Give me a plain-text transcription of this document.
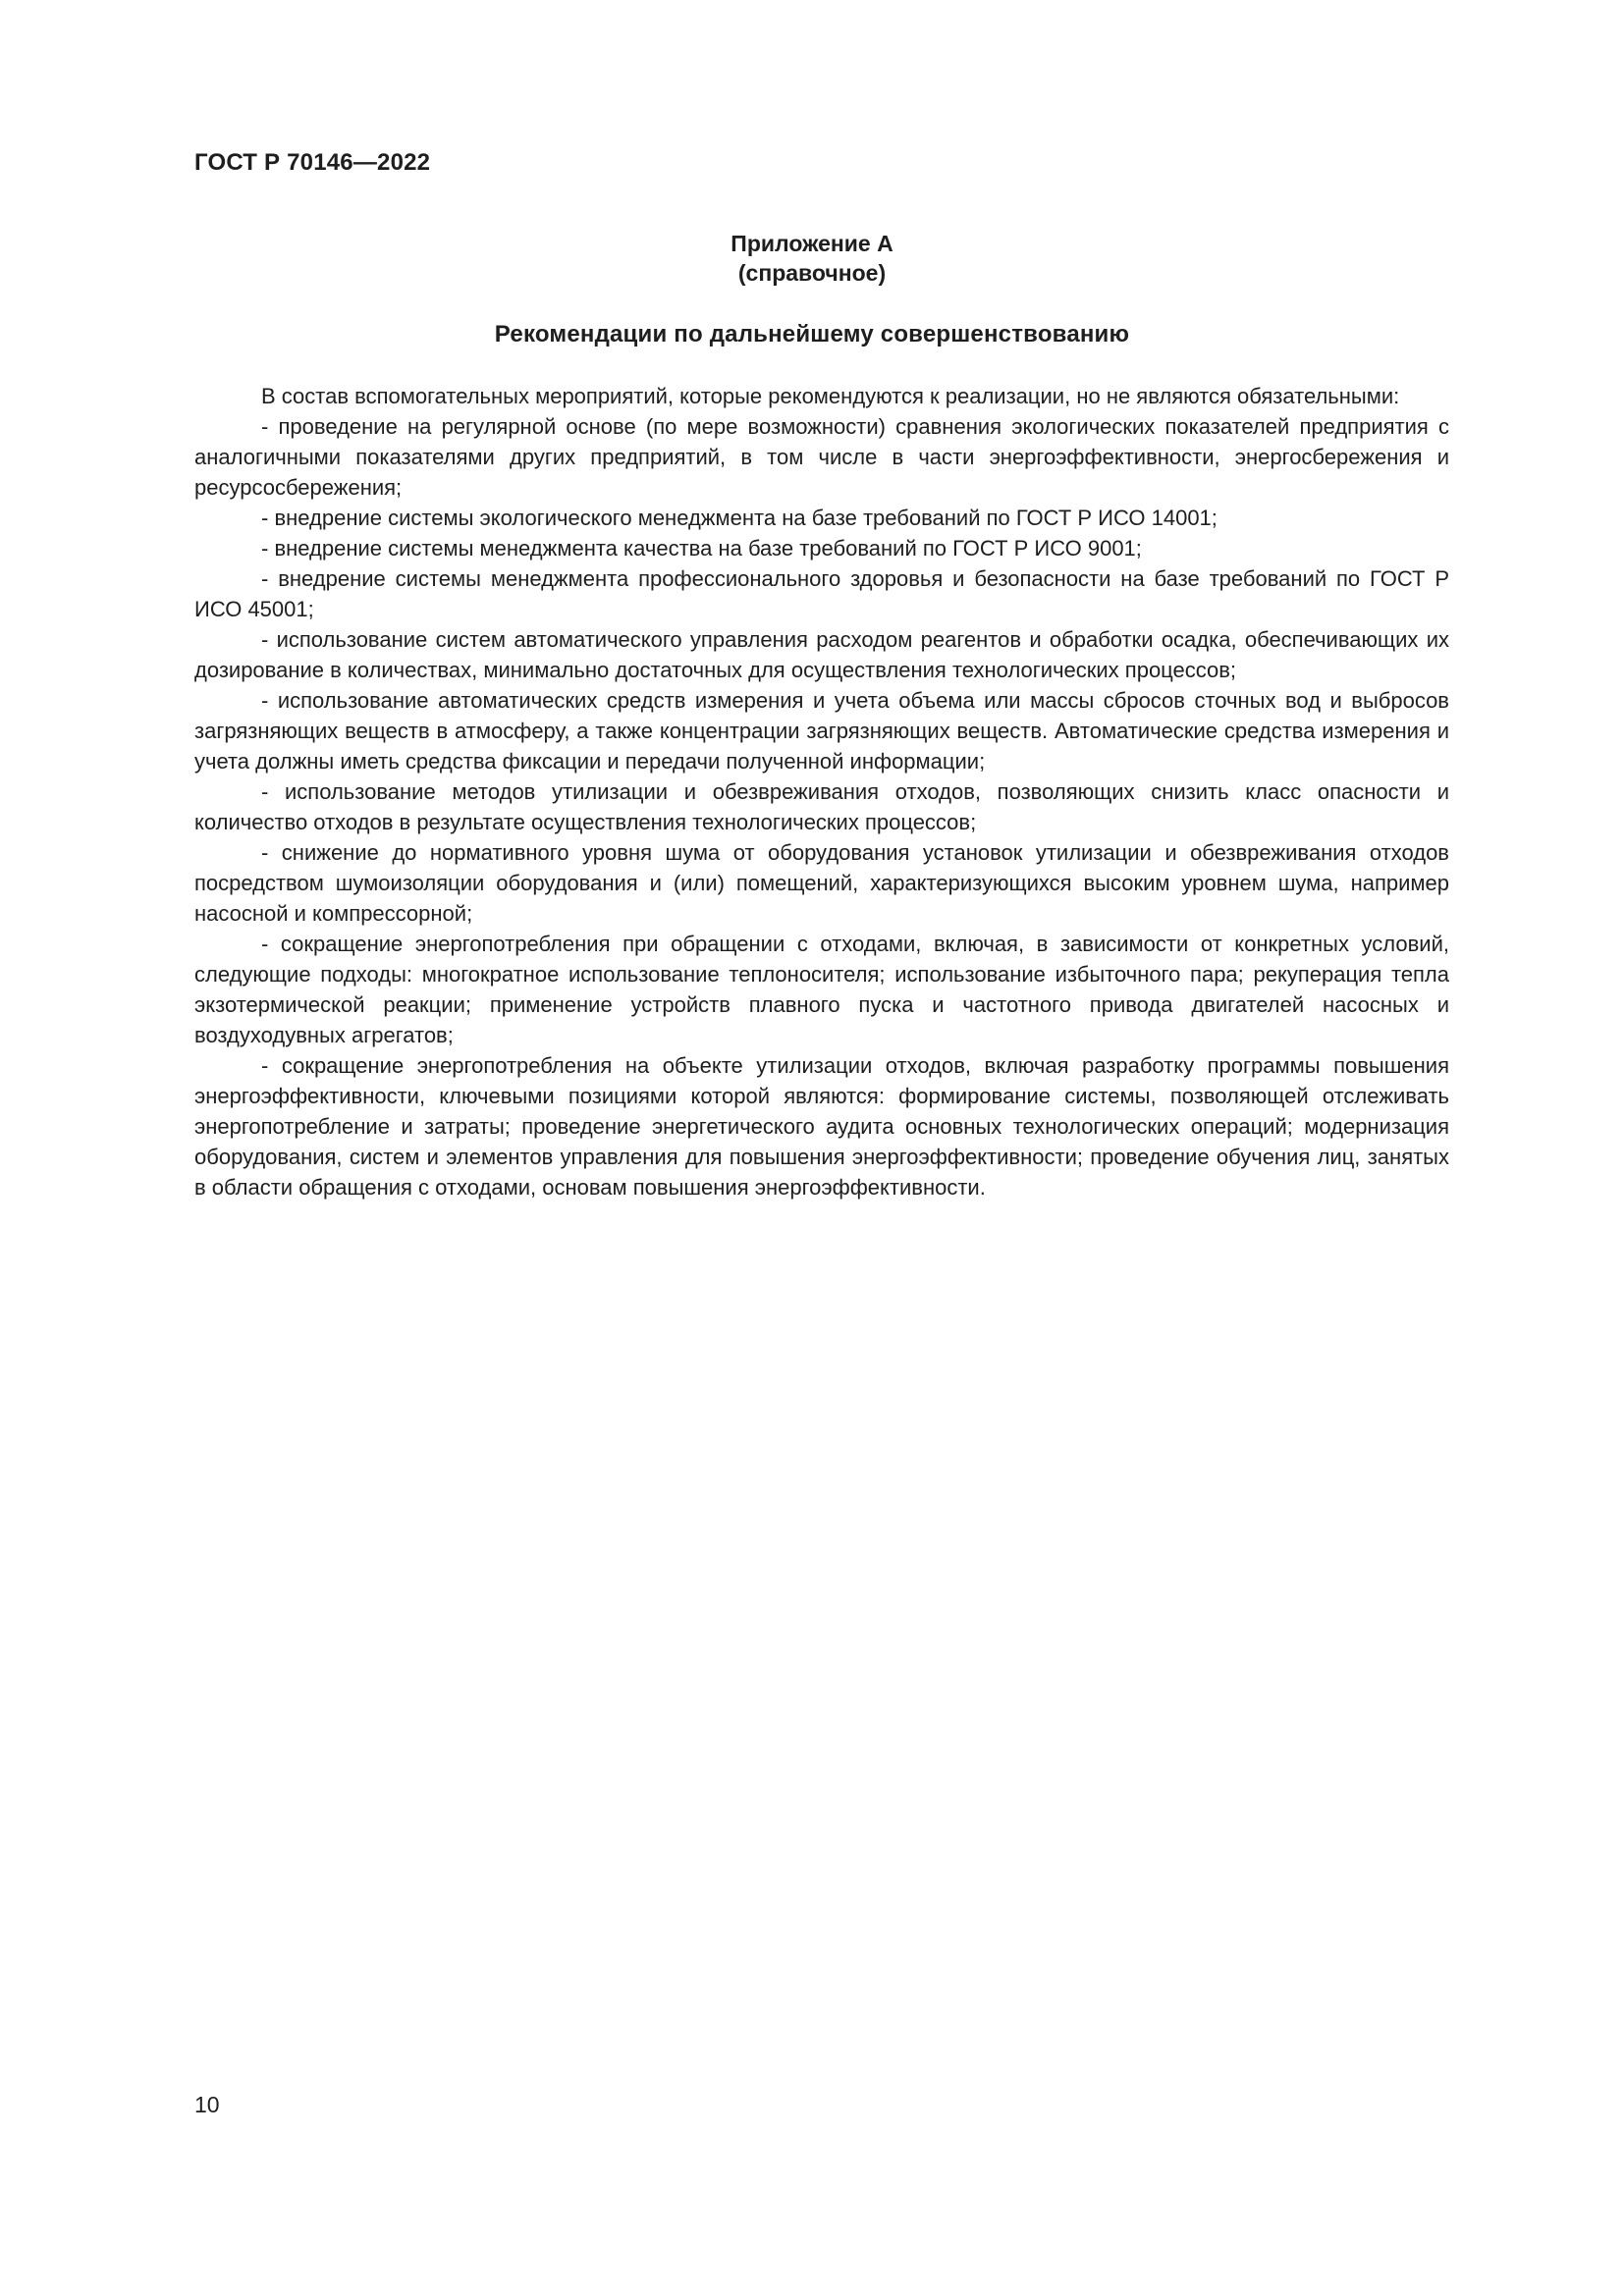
ГОСТ Р 70146—2022
Приложение А
(справочное)
Рекомендации по дальнейшему совершенствованию

В состав вспомогательных мероприятий, которые рекомендуются к реализации, но не являются обязательными:

- проведение на регулярной основе (по мере возможности) сравнения экологических показателей предприятия с аналогичными показателями других предприятий, в том числе в части энергоэффективности, энергосбережения и ресурсосбережения;

- внедрение системы экологического менеджмента на базе требований по ГОСТ Р ИСО 14001;

- внедрение системы менеджмента качества на базе требований по ГОСТ Р ИСО 9001;

- внедрение системы менеджмента профессионального здоровья и безопасности на базе требований по ГОСТ Р ИСО 45001;

- использование систем автоматического управления расходом реагентов и обработки осадка, обеспечивающих их дозирование в количествах, минимально достаточных для осуществления технологических процессов;

- использование автоматических средств измерения и учета объема или массы сбросов сточных вод и выбросов загрязняющих веществ в атмосферу, а также концентрации загрязняющих веществ. Автоматические средства измерения и учета должны иметь средства фиксации и передачи полученной информации;

- использование методов утилизации и обезвреживания отходов, позволяющих снизить класс опасности и количество отходов в результате осуществления технологических процессов;

- снижение до нормативного уровня шума от оборудования установок утилизации и обезвреживания отходов посредством шумоизоляции оборудования и (или) помещений, характеризующихся высоким уровнем шума, например насосной и компрессорной;

- сокращение энергопотребления при обращении с отходами, включая, в зависимости от конкретных условий, следующие подходы: многократное использование теплоносителя; использование избыточного пара; рекуперация тепла экзотермической реакции; применение устройств плавного пуска и частотного привода двигателей насосных и воздуходувных агрегатов;

- сокращение энергопотребления на объекте утилизации отходов, включая разработку программы повышения энергоэффективности, ключевыми позициями которой являются: формирование системы, позволяющей отслеживать энергопотребление и затраты; проведение энергетического аудита основных технологических операций; модернизация оборудования, систем и элементов управления для повышения энергоэффективности; проведение обучения лиц, занятых в области обращения с отходами, основам повышения энергоэффективности.

10
